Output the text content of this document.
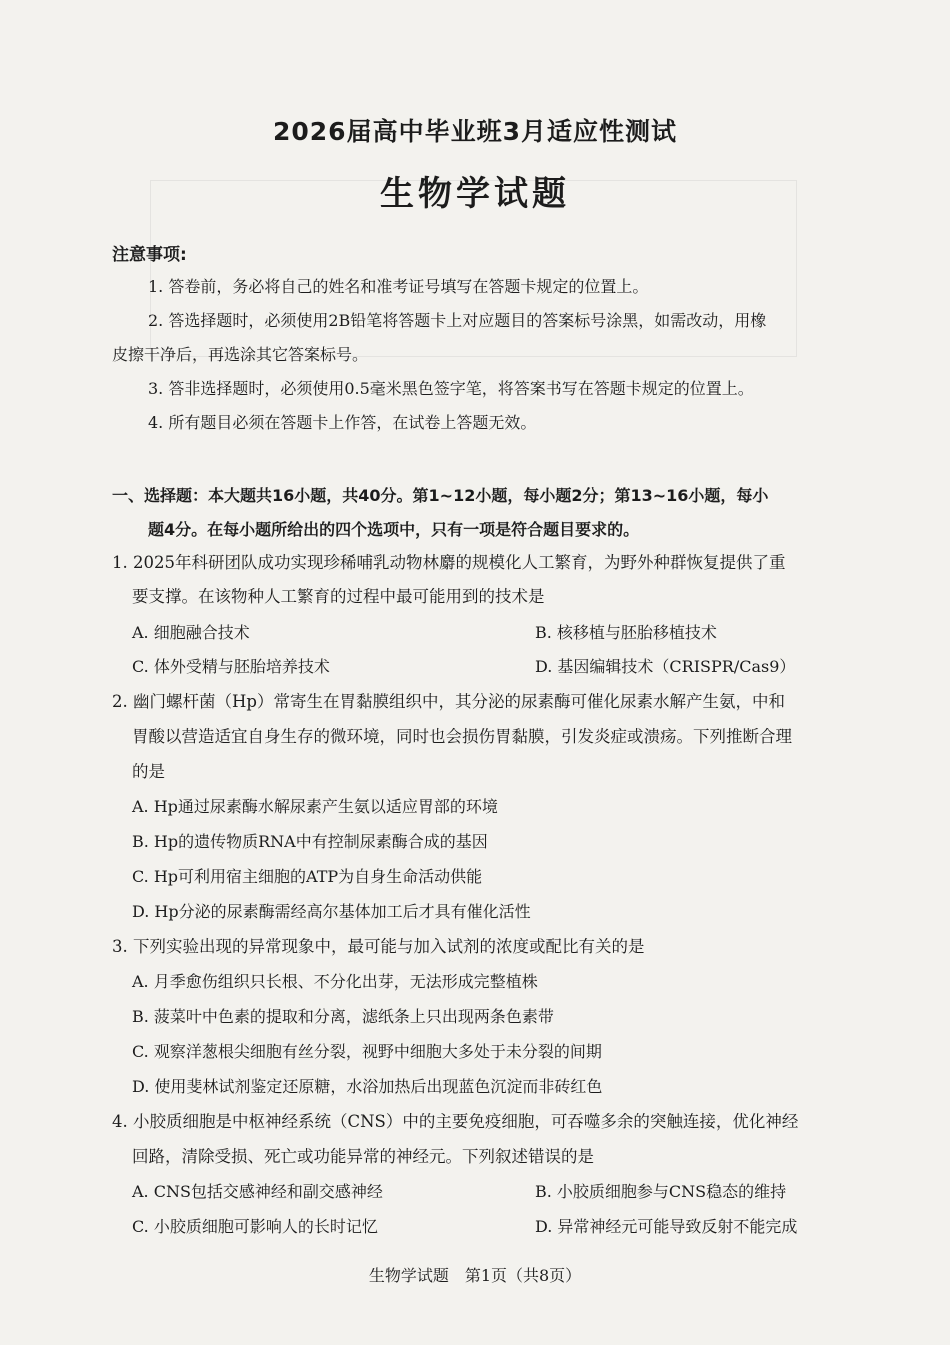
2026届高中毕业班3月适应性测试
生物学试题
注意事项:
1. 答卷前，务必将自己的姓名和准考证号填写在答题卡规定的位置上。
2. 答选择题时，必须使用2B铅笔将答题卡上对应题目的答案标号涂黑，如需改动，用橡
皮擦干净后，再选涂其它答案标号。
3. 答非选择题时，必须使用0.5毫米黑色签字笔，将答案书写在答题卡规定的位置上。
4. 所有题目必须在答题卡上作答，在试卷上答题无效。
一、选择题：本大题共16小题，共40分。第1~12小题，每小题2分；第13~16小题，每小
题4分。在每小题所给出的四个选项中，只有一项是符合题目要求的。
1. 2025年科研团队成功实现珍稀哺乳动物林麝的规模化人工繁育，为野外种群恢复提供了重
要支撑。在该物种人工繁育的过程中最可能用到的技术是
A. 细胞融合技术	B. 核移植与胚胎移植技术
C. 体外受精与胚胎培养技术	D. 基因编辑技术（CRISPR/Cas9）
2. 幽门螺杆菌（Hp）常寄生在胃黏膜组织中，其分泌的尿素酶可催化尿素水解产生氨，中和
胃酸以营造适宜自身生存的微环境，同时也会损伤胃黏膜，引发炎症或溃疡。下列推断合理
的是
A. Hp通过尿素酶水解尿素产生氨以适应胃部的环境
B. Hp的遗传物质RNA中有控制尿素酶合成的基因
C. Hp可利用宿主细胞的ATP为自身生命活动供能
D. Hp分泌的尿素酶需经高尔基体加工后才具有催化活性
3. 下列实验出现的异常现象中，最可能与加入试剂的浓度或配比有关的是
A. 月季愈伤组织只长根、不分化出芽，无法形成完整植株
B. 菠菜叶中色素的提取和分离，滤纸条上只出现两条色素带
C. 观察洋葱根尖细胞有丝分裂，视野中细胞大多处于未分裂的间期
D. 使用斐林试剂鉴定还原糖，水浴加热后出现蓝色沉淀而非砖红色
4. 小胶质细胞是中枢神经系统（CNS）中的主要免疫细胞，可吞噬多余的突触连接，优化神经
回路，清除受损、死亡或功能异常的神经元。下列叙述错误的是
A. CNS包括交感神经和副交感神经	B. 小胶质细胞参与CNS稳态的维持
C. 小胶质细胞可影响人的长时记忆	D. 异常神经元可能导致反射不能完成
生物学试题　第1页（共8页）
